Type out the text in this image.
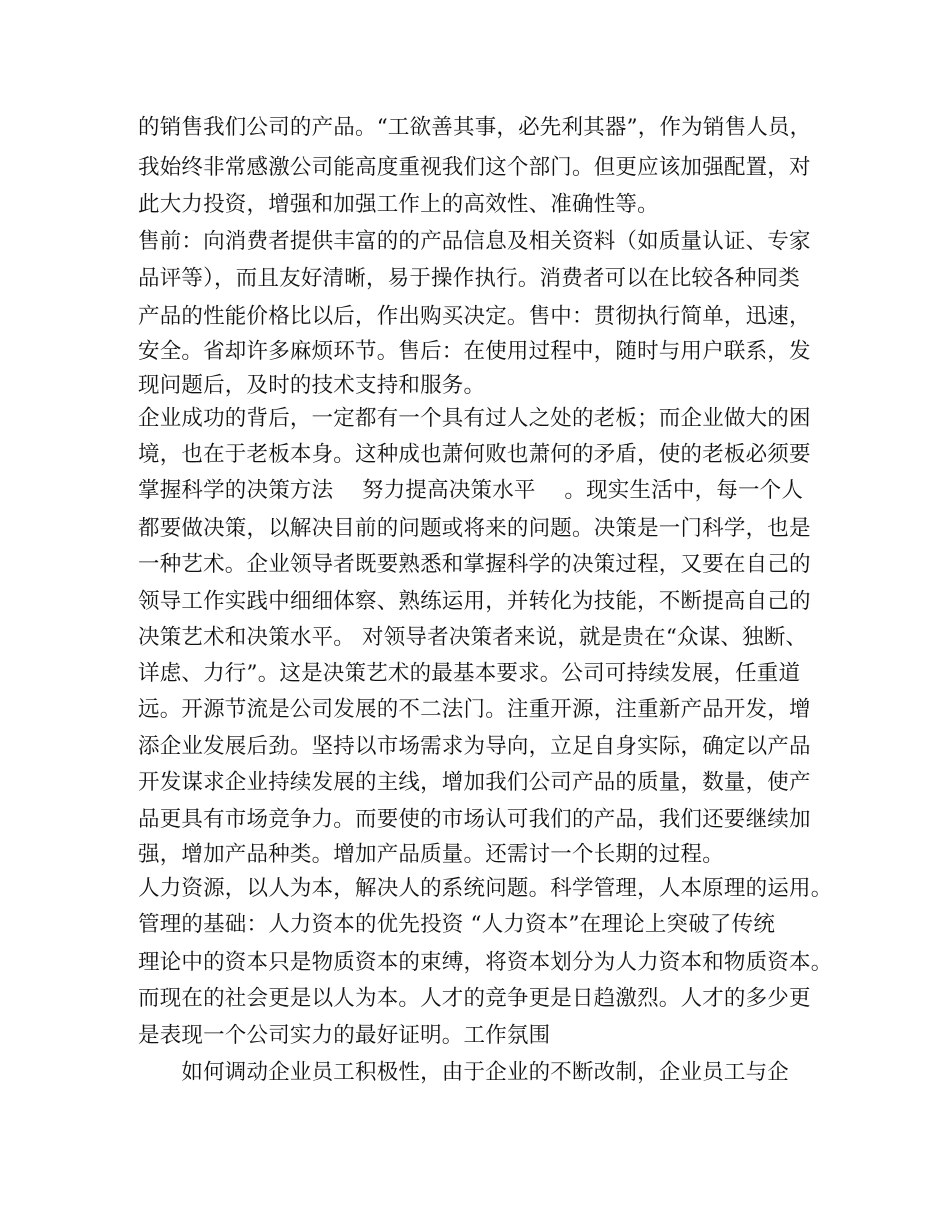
的销售我们公司的产品。“工欲善其事，必先利其器”，作为销售人员，
我始终非常感激公司能高度重视我们这个部门。但更应该加强配置，对
此大力投资，增强和加强工作上的高效性、准确性等。
售前：向消费者提供丰富的的产品信息及相关资料（如质量认证、专家
品评等），而且友好清晰，易于操作执行。消费者可以在比较各种同类
产品的性能价格比以后，作出购买决定。售中：贯彻执行简单，迅速，
安全。省却许多麻烦环节。售后：在使用过程中，随时与用户联系，发
现问题后，及时的技术支持和服务。
企业成功的背后，一定都有一个具有过人之处的老板；而企业做大的困
境，也在于老板本身。这种成也萧何败也萧何的矛盾，使的老板必须要
掌握科学的决策方法 　努力提高决策水平 　。现实生活中，每一个人
都要做决策，以解决目前的问题或将来的问题。决策是一门科学，也是
一种艺术。企业领导者既要熟悉和掌握科学的决策过程，又要在自己的
领导工作实践中细细体察、熟练运用，并转化为技能，不断提高自己的
决策艺术和决策水平。 对领导者决策者来说，就是贵在“众谋、独断、
详虑、力行”。这是决策艺术的最基本要求。公司可持续发展，任重道
远。开源节流是公司发展的不二法门。注重开源，注重新产品开发，增
添企业发展后劲。坚持以市场需求为导向，立足自身实际，确定以产品
开发谋求企业持续发展的主线，增加我们公司产品的质量，数量，使产
品更具有市场竞争力。而要使的市场认可我们的产品，我们还要继续加
强，增加产品种类。增加产品质量。还需讨一个长期的过程。
人力资源，以人为本，解决人的系统问题。科学管理，人本原理的运用。
管理的基础：人力资本的优先投资 “人力资本”在理论上突破了传统
理论中的资本只是物质资本的束缚，将资本划分为人力资本和物质资本。
而现在的社会更是以人为本。人才的竞争更是日趋激烈。人才的多少更
是表现一个公司实力的最好证明。工作氛围
　　如何调动企业员工积极性，由于企业的不断改制，企业员工与企
